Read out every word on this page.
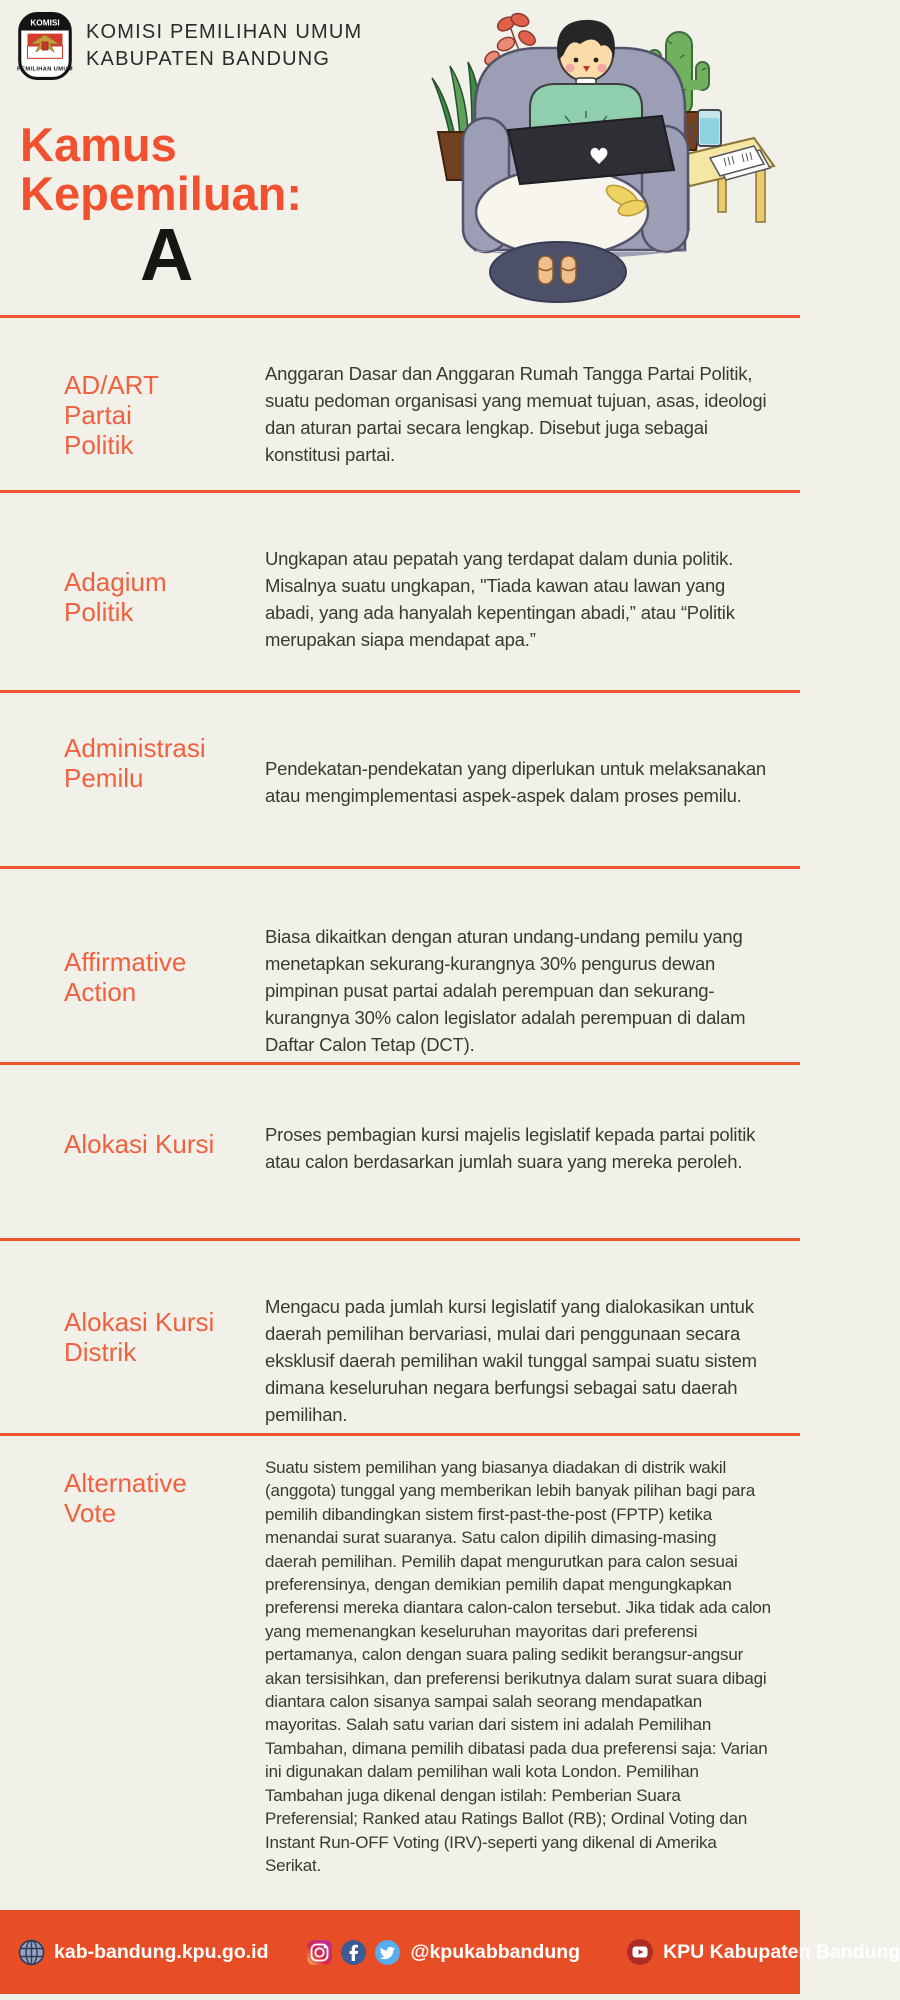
KOMISI
PEMILIHAN UMUM
KOMISI PEMILIHAN UMUM
KABUPATEN BANDUNG
Kamus
Kepemiluan:
A
AD/ART
Partai
Politik

Anggaran Dasar dan Anggaran Rumah Tangga Partai Politik, suatu pedoman organisasi yang memuat tujuan, asas, ideologi dan aturan partai secara lengkap. Disebut juga sebagai konstitusi partai.

Adagium
Politik

Ungkapan atau pepatah yang terdapat dalam dunia politik. Misalnya suatu ungkapan, "Tiada kawan atau lawan yang abadi, yang ada hanyalah kepentingan abadi,” atau “Politik merupakan siapa mendapat apa.”

Administrasi
Pemilu	Pendekatan-pendekatan yang diperlukan untuk melaksanakan atau mengimplementasi aspek-aspek dalam proses pemilu.

Affirmative
Action

Biasa dikaitkan dengan aturan undang-undang pemilu yang menetapkan sekurang-kurangnya 30% pengurus dewan pimpinan pusat partai adalah perempuan dan sekurang-kurangnya 30% calon legislator adalah perempuan di dalam Daftar Calon Tetap (DCT).

Alokasi Kursi	Proses pembagian kursi majelis legislatif kepada partai politik atau calon berdasarkan jumlah suara yang mereka peroleh.

Alokasi Kursi
Distrik

Mengacu pada jumlah kursi legislatif yang dialokasikan untuk daerah pemilihan bervariasi, mulai dari penggunaan secara eksklusif daerah pemilihan wakil tunggal sampai suatu sistem dimana keseluruhan negara berfungsi sebagai satu daerah pemilihan.

Alternative
Vote

Suatu sistem pemilihan yang biasanya diadakan di distrik wakil (anggota) tunggal yang memberikan lebih banyak pilihan bagi para pemilih dibandingkan sistem first-past-the-post (FPTP) ketika menandai surat suaranya. Satu calon dipilih dimasing-masing daerah pemilihan. Pemilih dapat mengurutkan para calon sesuai preferensinya, dengan demikian pemilih dapat mengungkapkan preferensi mereka diantara calon-calon tersebut. Jika tidak ada calon yang memenangkan keseluruhan mayoritas dari preferensi pertamanya, calon dengan suara paling sedikit berangsur-angsur akan tersisihkan, dan preferensi berikutnya dalam surat suara dibagi diantara calon sisanya sampai salah seorang mendapatkan mayoritas. Salah satu varian dari sistem ini adalah Pemilihan Tambahan, dimana pemilih dibatasi pada dua preferensi saja: Varian ini digunakan dalam pemilihan wali kota London. Pemilihan Tambahan juga dikenal dengan istilah: Pemberian Suara Preferensial; Ranked atau Ratings Ballot (RB); Ordinal Voting dan Instant Run-OFF Voting (IRV)-seperti yang dikenal di Amerika Serikat.

kab-bandung.kpu.go.id	@kpukabbandung	KPU Kabupaten Bandung
